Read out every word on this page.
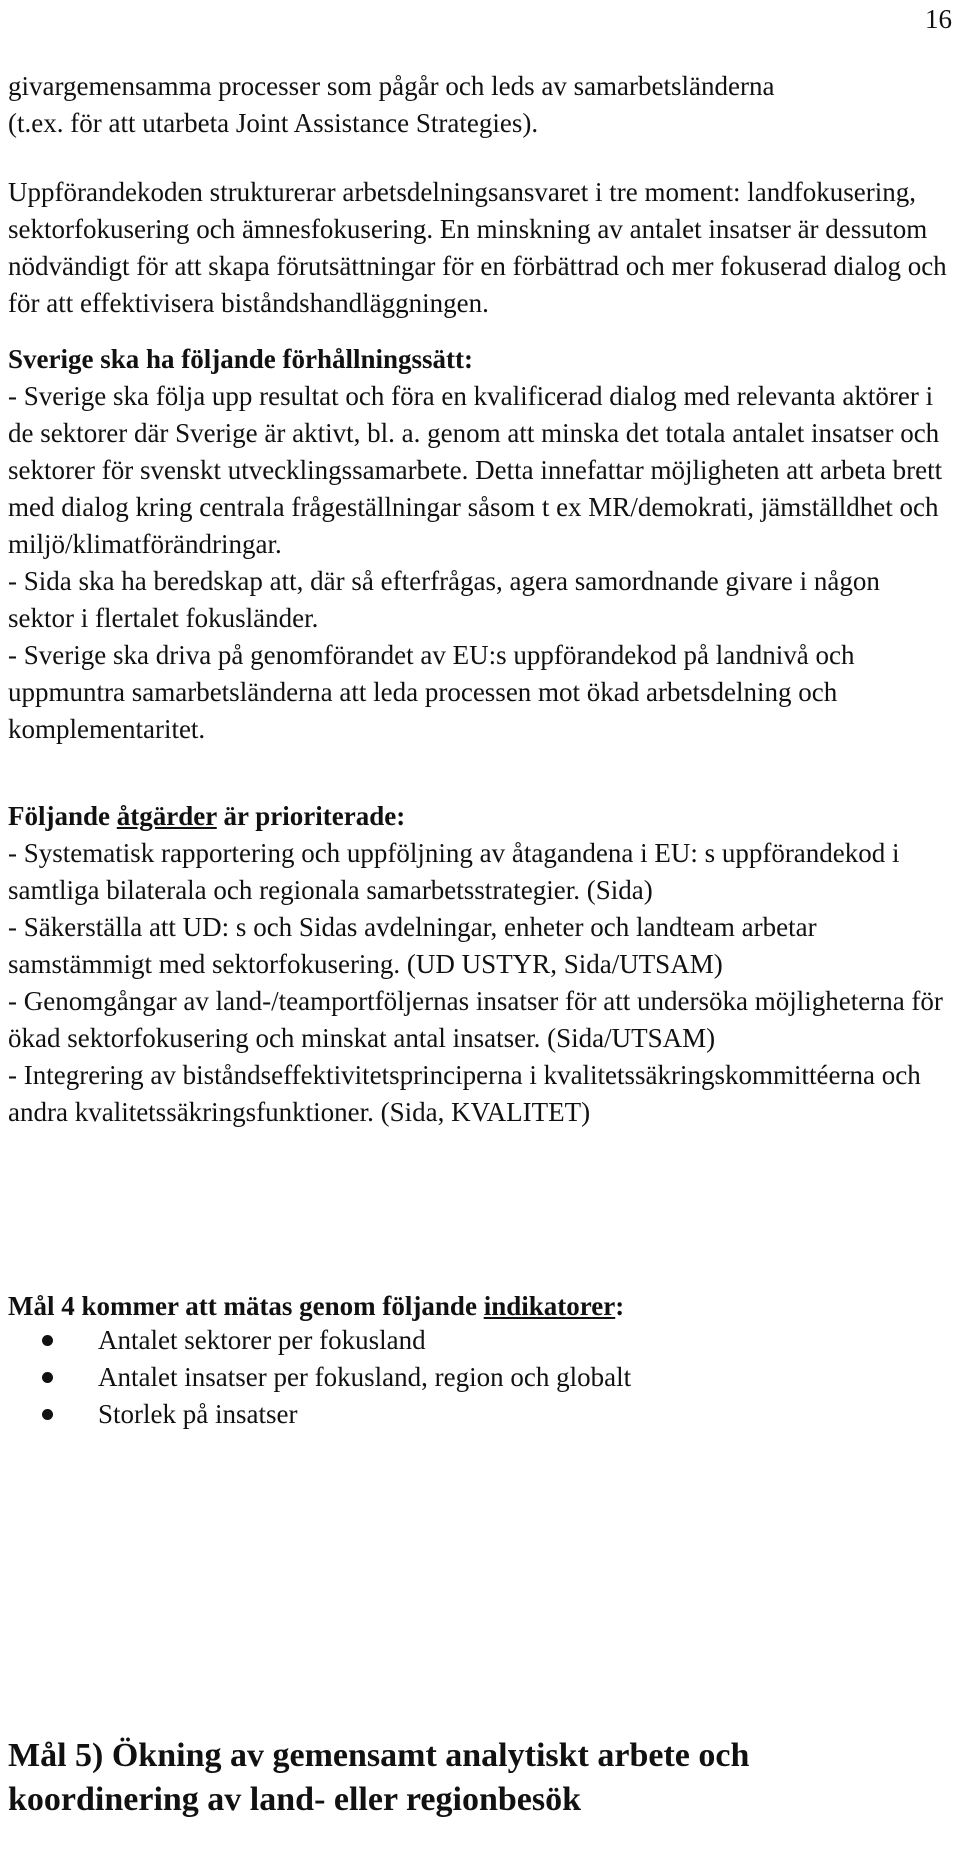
16

givargemensamma processer som pågår och leds av samarbetsländerna
(t.ex. för att utarbeta Joint Assistance Strategies).

Uppförandekoden strukturerar arbetsdelningsansvaret i tre moment: landfokusering, sektorfokusering och ämnesfokusering. En minskning av antalet insatser är dessutom nödvändigt för att skapa förutsättningar för en förbättrad och mer fokuserad dialog och för att effektivisera biståndshandläggningen.

Sverige ska ha följande förhållningssätt:

- Sverige ska följa upp resultat och föra en kvalificerad dialog med relevanta aktörer i de sektorer där Sverige är aktivt, bl. a. genom att minska det totala antalet insatser och sektorer för svenskt utvecklingssamarbete. Detta innefattar möjligheten att arbeta brett med dialog kring centrala frågeställningar såsom t ex MR/demokrati, jämställdhet och miljö/klimatförändringar.

- Sida ska ha beredskap att, där så efterfrågas, agera samordnande givare i någon sektor i flertalet fokusländer.

- Sverige ska driva på genomförandet av EU:s uppförandekod på landnivå och uppmuntra samarbetsländerna att leda processen mot ökad arbetsdelning och komplementaritet.

Följande åtgärder är prioriterade:

- Systematisk rapportering och uppföljning av åtagandena i EU: s uppförandekod i samtliga bilaterala och regionala samarbetsstrategier. (Sida)

- Säkerställa att UD: s och Sidas avdelningar, enheter och landteam arbetar samstämmigt med sektorfokusering. (UD USTYR, Sida/UTSAM)

- Genomgångar av land-/teamportföljernas insatser för att undersöka möjligheterna för ökad sektorfokusering och minskat antal insatser. (Sida/UTSAM)

- Integrering av biståndseffektivitetsprinciperna i kvalitetssäkringskommittéerna och andra kvalitetssäkringsfunktioner. (Sida, KVALITET)

Mål 4 kommer att mätas genom följande indikatorer:

Antalet sektorer per fokusland
Antalet insatser per fokusland, region och globalt
Storlek på insatser
Mål 5) Ökning av gemensamt analytiskt arbete och koordinering av land- eller regionbesök
